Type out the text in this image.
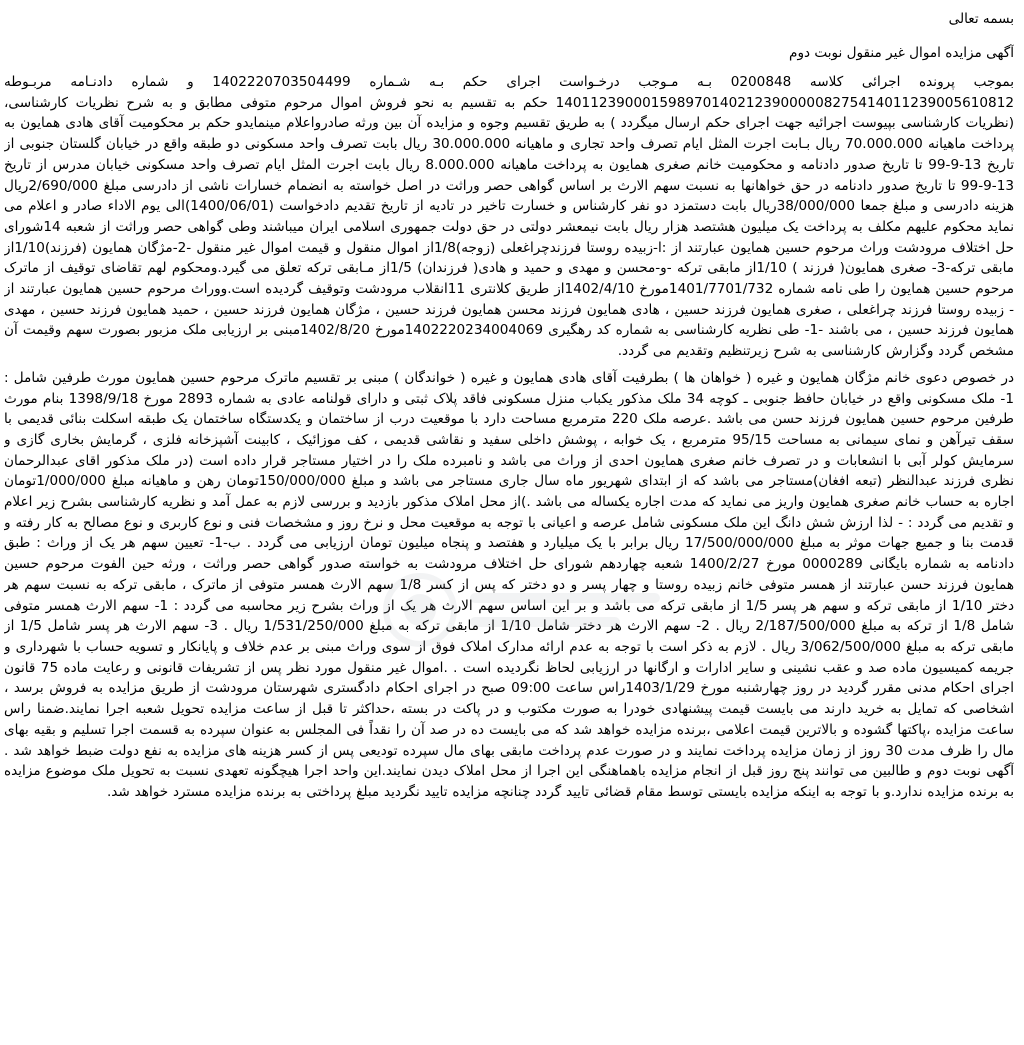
بسمه تعالی

آگهی مزایده اموال غیر منقول نوبت دوم

بموجب پرونده اجرائی کلاسه 0200848 بـه مـوجب درخـواست اجرای حکم بـه شـماره 1402220703504499 و شماره دادنـامه مربـوطه 1401123900015989701402123900000827541401123900561081​2 حکم به تقسیم به نحو فروش اموال مرحوم متوفی مطابق و به شرح نظریات کارشناسی،(نظریات کارشناسی بپیوست اجرائیه جهت اجرای حکم ارسال میگردد ) به طریق تقسیم وجوه و مزایده آن بین ورثه صادرواعلام مینمایدو حکم بر محکومیت آقای هادی همایون به پرداخت ماهیانه 70.000.000 ریال بـابت اجرت المثل ایام تصرف واحد تجاری و ماهیانه 30.000.000 ریال بابت تصرف واحد مسکونی دو طبقه واقع در خیابان گلستان جنوبی از تاریخ 13-9-99 تا تاریخ صدور دادنامه و محکومیت خانم صغری همایون به پرداخت ماهیانه 8.000.000 ریال بابت اجرت المثل ایام تصرف واحد مسکونی خیابان مدرس از تاریخ 13-9-99 تا تاریخ صدور دادنامه در حق خواهانها به نسبت سهم الارث بر اساس گواهی حصر وراثت در اصل خواسته به انضمام خسارات ناشی از دادرسی مبلغ 2/690/000ریال هزینه دادرسی و مبلغ جمعا 38/000/000ریال بابت دستمزد دو نفر کارشناس و خسارت تاخیر در تادیه از تاریخ تقدیم دادخواست (1400/06/01)الی یوم الاداء صادر و اعلام می نماید محکوم علیهم مکلف به پرداخت یک میلیون هشتصد هزار ریال بابت نیمعشر دولتی در حق دولت جمهوری اسلامی ایران میباشند وطی گواهی حصر وراثت از شعبه 14شورای حل اختلاف مرودشت وراث مرحوم حسین همایون عبارتند از :ا-زبیده روستا فرزندچراغعلی (زوجه)1/8از اموال منقول و قیمت اموال غیر منقول -2-مژگان همایون (فرزند)1/10از مابقی ترکه-3- صغری همایون( فرزند ) 1/10از مابقی ترکه -و-محسن و مهدی و حمید و هادی( فرزندان) 1/5از مـابقی ترکه تعلق می گیرد.ومحکوم لهم تقاضای توقیف از ماترک مرحوم حسین همایون را طی نامه شماره 1401/7701/732مورخ 1402/4/10از طریق کلانتری 11انقلاب مرودشت وتوقیف گردیده است.ووراث مرحوم حسین همایون عبارتند از - زبیده روستا فرزند چراغعلی ، صغری همایون فرزند حسین ، هادی همایون فرزند محسن همایون فرزند حسین ، مژگان همایون فرزند حسین ، حمید همایون فرزند حسین ، مهدی همایون فرزند حسین ، می باشند -1- طی نظریه کارشناسی به شماره کد رهگیری 1402220234004069مورخ 1402/8/20مبنی بر ارزیابی ملک مزبور بصورت سهم وقیمت آن مشخص گردد وگزارش کارشناسی به شرح زیرتنظیم وتقدیم می گردد.

در خصوص دعوی خانم مژگان همایون و غیره ( خواهان ها ) بطرفیت آقای هادی همایون و غیره ( خواندگان ) مبنی بر تقسیم ماترک مرحوم حسین همایون مورث طرفین شامل : 1- ملک مسکونی واقع در خیابان حافظ جنوبی ـ کوچه 34 ملک مذکور یکباب منزل مسکونی فاقد پلاک ثبتی و دارای قولنامه عادی به شماره 2893 مورخ 1398/9/18 بنام مورث طرفین مرحوم حسین همایون فرزند حسن می باشد .عرصه ملک 220 مترمربع مساحت دارد با موقعیت درب از ساختمان و یکدستگاه ساختمان یک طبقه اسکلت بنائی قدیمی با سقف تیرآهن و نمای سیمانی به مساحت 95/15 مترمربع ، یک خوابه ، پوشش داخلی سفید و نقاشی قدیمی ، کف موزائیک ، کابینت آشپزخانه فلزی ، گرمایش بخاری گازی و سرمایش کولر آبی با انشعابات و در تصرف خانم صغری همایون احدی از وراث می باشد و نامبرده ملک را در اختیار مستاجر قرار داده است (در ملک مذکور اقای عبدالرحمان نظری فرزند عبدالنظر (تبعه افغان)مستاجر می باشد که از ابتدای شهریور ماه سال جاری مستاجر می باشد و مبلغ 150/000/000تومان رهن و ماهیانه مبلغ 1/000/000تومان اجاره به حساب خانم صغری همایون واریز می نماید که مدت اجاره یکساله می باشد .)از محل املاک مذکور بازدید و بررسی لازم به عمل آمد و نظریه کارشناسی بشرح زیر اعلام و تقدیم می گردد : - لذا ارزش شش دانگ این ملک مسکونی شامل عرصه و اعیانی با توجه به موقعیت محل و نرخ روز و مشخصات فنی و نوع کاربری و نوع مصالح به کار رفته و قدمت بنا و جمیع جهات موثر به مبلغ 17/500/000/000 ریال برابر با یک میلیارد و هفتصد و پنجاه میلیون تومان ارزیابی می گردد . ب-1- تعیین سهم هر یک از وراث : طبق دادنامه به شماره بایگانی 0000289 مورخ 1400/2/27 شعبه چهاردهم شورای حل اختلاف مرودشت به خواسته صدور گواهی حصر وراثت ، ورثه حین الفوت مرحوم حسین همایون فرزند حسن عبارتند از همسر متوفی خانم زبیده روستا و چهار پسر و دو دختر که پس از کسر 1/8 سهم الارث همسر متوفی از ماترک ، مابقی ترکه به نسبت سهم هر دختر 1/10 از مابقی ترکه و سهم هر پسر 1/5 از مابقی ترکه می باشد و بر این اساس سهم الارث هر یک از وراث بشرح زیر محاسبه می گردد : 1- سهم الارث همسر متوفی شامل 1/8 از ترکه به مبلغ 2/187/500/000 ریال . 2- سهم الارث هر دختر شامل 1/10 از مابقی ترکه به مبلغ 1/531/250/000 ریال . 3- سهم الارث هر پسر شامل 1/5 از مابقی ترکه به مبلغ 3/062/500/000 ریال . لازم به ذکر است با توجه به عدم ارائه مدارک املاک فوق از سوی وراث مبنی بر عدم خلاف و پایانکار و تسویه حساب با شهرداری و جریمه کمیسیون ماده صد و عقب نشینی و سایر ادارات و ارگانها در ارزیابی لحاظ نگردیده است . .اموال غیر منقول مورد نظر پس از تشریفات قانونی و رعایت ماده 75 قانون اجرای احکام مدنی مقرر گردید در روز چهارشنبه مورخ 1403/1/29راس ساعت 09:00 صبح در اجرای احکام دادگستری شهرستان مرودشت از طریق مزایده به فروش برسد ، اشخاصی که تمایل به خرید دارند می بایست قیمت پیشنهادی خودرا به صورت مکتوب و در پاکت در بسته ،حداکثر تا قبل از ساعت مزایده تحویل شعبه اجرا نمایند.ضمنا راس ساعت مزایده ،پاکتها گشوده و بالاترین قیمت اعلامی ،برنده مزایده خواهد شد که می بایست ده در صد آن را نقداً فی المجلس به عنوان سپرده به قسمت اجرا تسلیم و بقیه بهای مال را ظرف مدت 30 روز از زمان مزایده پرداخت نمایند و در صورت عدم پرداخت مابقی بهای مال سپرده تودیعی پس از کسر هزینه های مزایده به نفع دولت ضبط خواهد شد . آگهی نوبت دوم و طالبین می توانند پنج روز قبل از انجام مزایده باهماهنگی این اجرا از محل املاک دیدن نمایند.این واحد اجرا هیچگونه تعهدی نسبت به تحویل ملک موضوع مزایده به برنده مزایده ندارد.و با توجه به اینکه مزایده بایستی توسط مقام قضائی تایید گردد چنانچه مزایده تایید نگردید مبلغ پرداختی به برنده مزایده مسترد خواهد شد.
